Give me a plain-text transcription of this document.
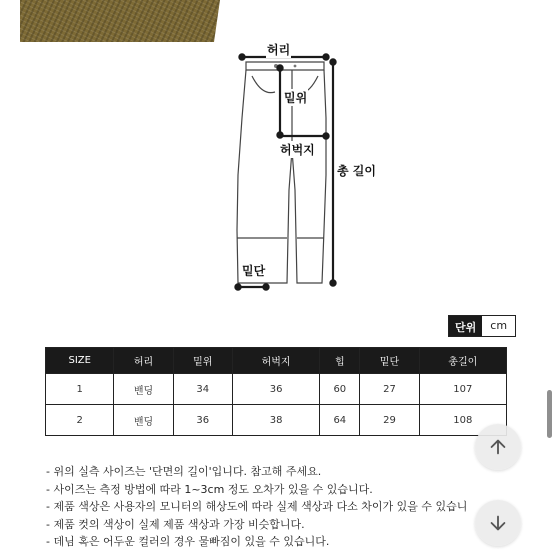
허리
밑위
허벅지
총 길이
밑단
단위	cm
SIZE	허리	밑위	허벅지	힙	밑단	총길이
1	밴딩	34	36	60	27	107
2	밴딩	36	38	64	29	108
- 위의 실측 사이즈는 '단면의 길이'입니다. 참고해 주세요.
- 사이즈는 측정 방법에 따라 1~3cm 정도 오차가 있을 수 있습니다.
- 제품 색상은 사용자의 모니터의 해상도에 따라 실제 색상과 다소 차이가 있을 수 있습니
- 제품 컷의 색상이 실제 제품 색상과 가장 비슷합니다.
- 데님 혹은 어두운 컬러의 경우 물빠짐이 있을 수 있습니다.
